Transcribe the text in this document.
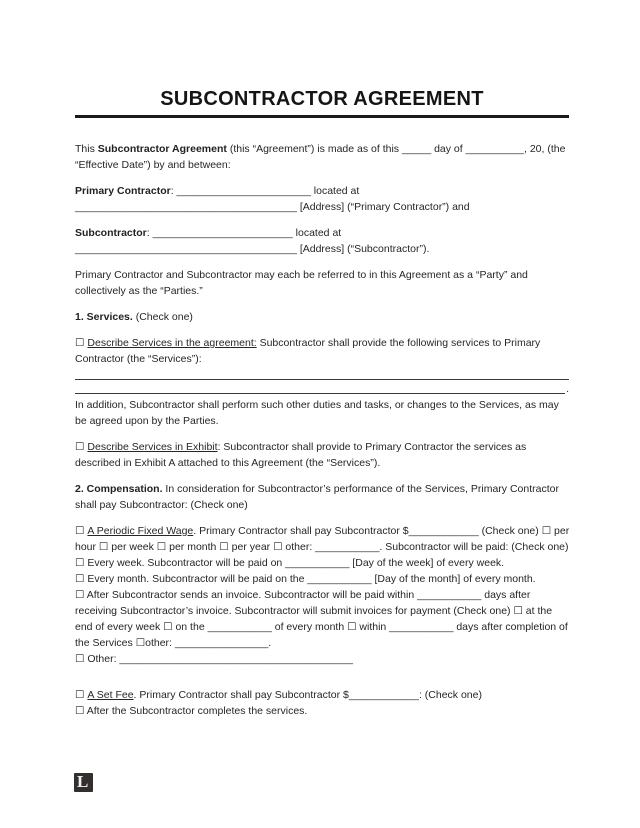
SUBCONTRACTOR AGREEMENT
This Subcontractor Agreement (this “Agreement”) is made as of this _____ day of __________, 20, (the
“Effective Date”) by and between:
Primary Contractor: _______________________ located at
______________________________________ [Address] (“Primary Contractor”) and
Subcontractor: ________________________ located at
______________________________________ [Address] (“Subcontractor”).
Primary Contractor and Subcontractor may each be referred to in this Agreement as a “Party” and
collectively as the “Parties.”
1. Services. (Check one)
☐ Describe Services in the agreement: Subcontractor shall provide the following services to Primary
Contractor (the “Services”):
.
In addition, Subcontractor shall perform such other duties and tasks, or changes to the Services, as may
be agreed upon by the Parties.
☐ Describe Services in Exhibit: Subcontractor shall provide to Primary Contractor the services as
described in Exhibit A attached to this Agreement (the “Services”).
2. Compensation. In consideration for Subcontractor’s performance of the Services, Primary Contractor
shall pay Subcontractor: (Check one)
☐ A Periodic Fixed Wage. Primary Contractor shall pay Subcontractor $____________ (Check one) ☐ per
hour ☐ per week ☐ per month ☐ per year ☐ other: ___________. Subcontractor will be paid: (Check one)
☐ Every week. Subcontractor will be paid on ___________ [Day of the week] of every week.
☐ Every month. Subcontractor will be paid on the ___________ [Day of the month] of every month.
☐ After Subcontractor sends an invoice. Subcontractor will be paid within ___________ days after
receiving Subcontractor’s invoice. Subcontractor will submit invoices for payment (Check one) ☐ at the
end of every week ☐ on the ___________ of every month ☐ within ___________ days after completion of
the Services ☐other: ________________.
☐ Other: ________________________________________
☐ A Set Fee. Primary Contractor shall pay Subcontractor $____________: (Check one)
☐ After the Subcontractor completes the services.
L
